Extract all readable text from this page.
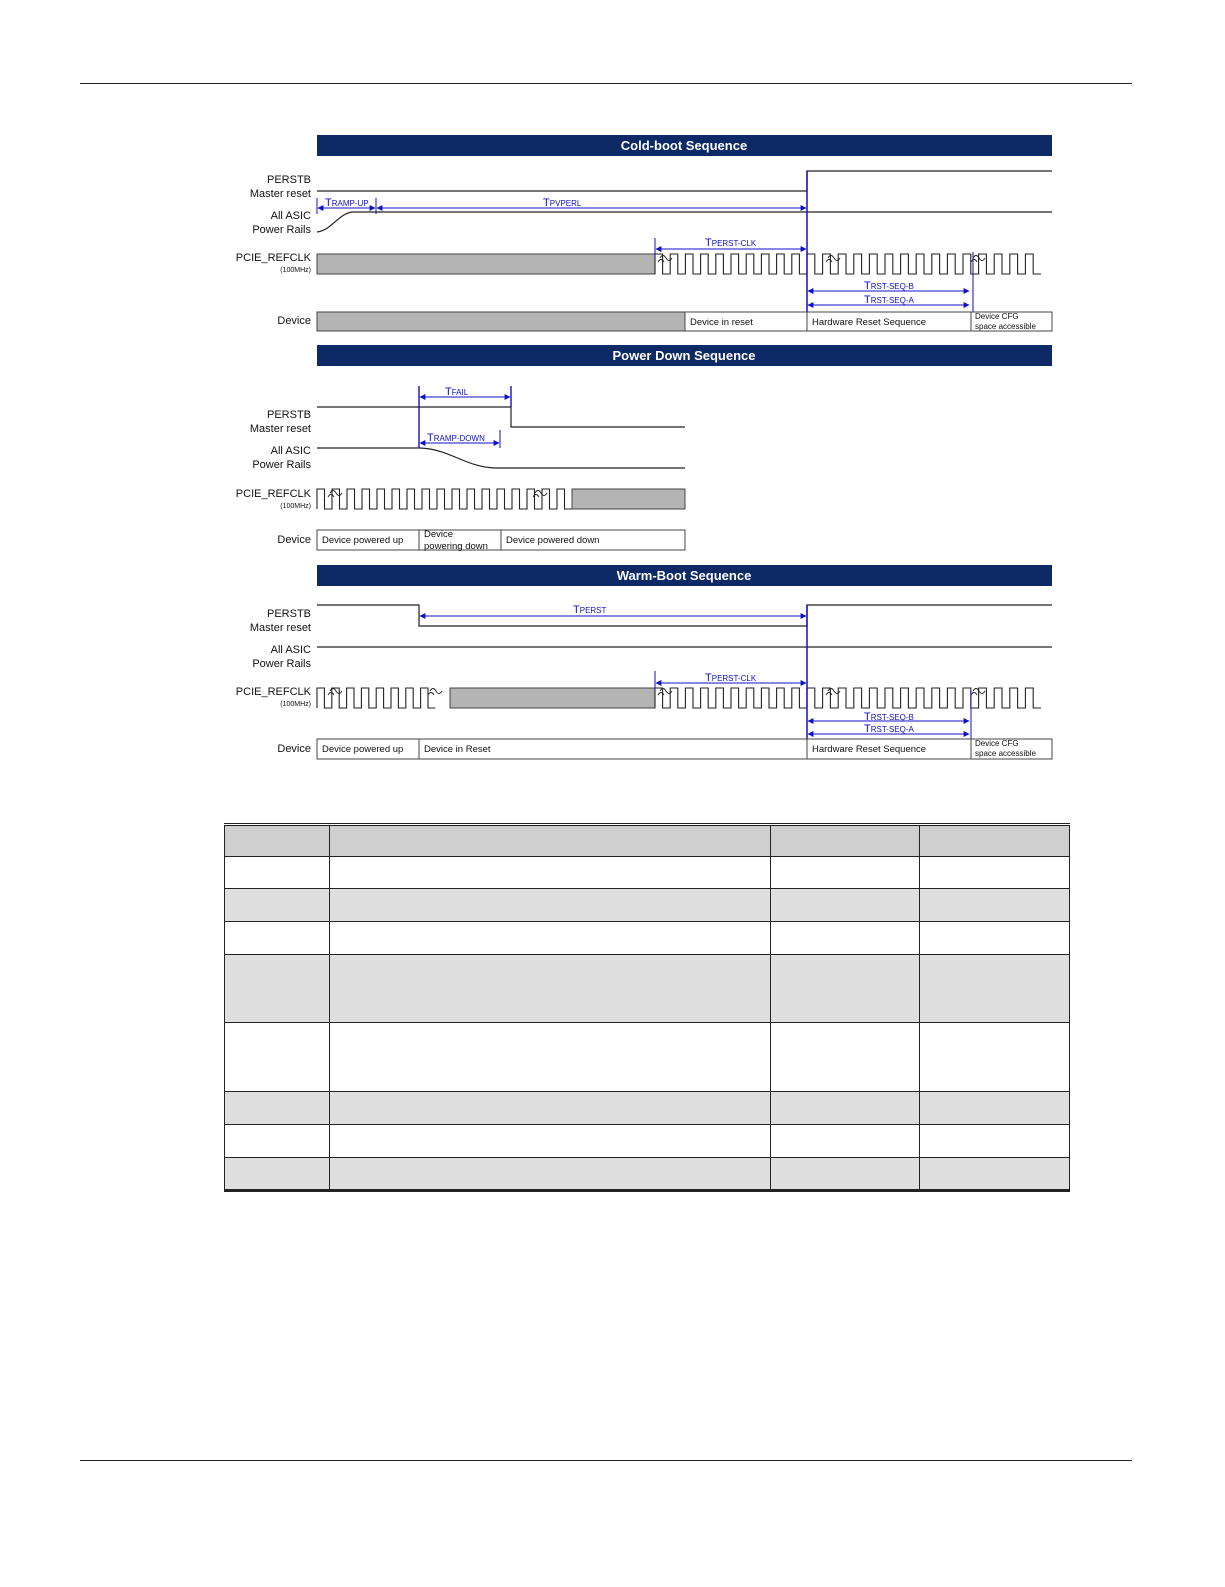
Cold-boot Sequence
PERSTB
Master reset
All ASIC
Power Rails
PCIE_REFCLK
(100MHz)
Device
TRAMP-UP	TPVPERL
TPERST-CLK
TRST-SEQ-B
TRST-SEQ-A
Device in reset	Hardware Reset Sequence
Device CFG
space accessible
Power Down Sequence
PERSTB
Master reset
All ASIC
Power Rails
PCIE_REFCLK
(100MHz)
Device
TFAIL
TRAMP-DOWN
Device powered up
Device
powering down
Device powered down
Warm-Boot Sequence
PERSTB
Master reset
All ASIC
Power Rails
PCIE_REFCLK
(100MHz)
Device
TPERST
TPERST-CLK
TRST-SEQ-B
TRST-SEQ-A
Device powered up Device in Reset	Hardware Reset Sequence
Device CFG
space accessible
